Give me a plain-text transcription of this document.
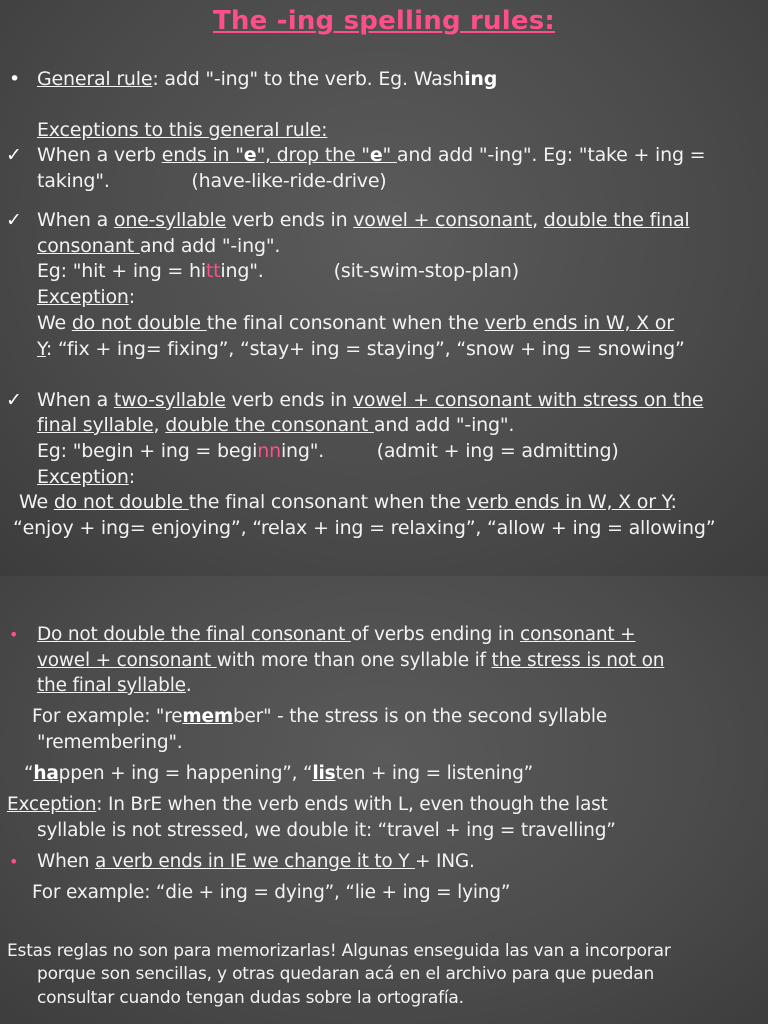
The -ing spelling rules:
• General rule: add "-ing" to the verb. Eg. Washing
Exceptions to this general rule:
✓ When a verb ends in "e", drop the "e" and add "-ing". Eg: "take + ing =
taking".              (have-like-ride-drive)
✓ When a one-syllable verb ends in vowel + consonant, double the final
consonant and add "-ing".
Eg: "hit + ing = hitting".            (sit-swim-stop-plan)
Exception:
We do not double the final consonant when the verb ends in W, X or
Y: “fix + ing= fixing”, “stay+ ing = staying”, “snow + ing = snowing”
✓ When a two-syllable verb ends in vowel + consonant with stress on the
final syllable, double the consonant and add "-ing".
Eg: "begin + ing = beginning".         (admit + ing = admitting)
Exception:
We do not double the final consonant when the verb ends in W, X or Y:
“enjoy + ing= enjoying”, “relax + ing = relaxing”, “allow + ing = allowing”
• Do not double the final consonant of verbs ending in consonant +
vowel + consonant with more than one syllable if the stress is not on
the final syllable.
For example: "remember" - the stress is on the second syllable
"remembering".
“happen + ing = happening”, “listen + ing = listening”
Exception: In BrE when the verb ends with L, even though the last
syllable is not stressed, we double it: “travel + ing = travelling”
• When a verb ends in IE we change it to Y + ING.
For example: “die + ing = dying”, “lie + ing = lying”
Estas reglas no son para memorizarlas! Algunas enseguida las van a incorporar
porque son sencillas, y otras quedaran acá en el archivo para que puedan
consultar cuando tengan dudas sobre la ortografía.
